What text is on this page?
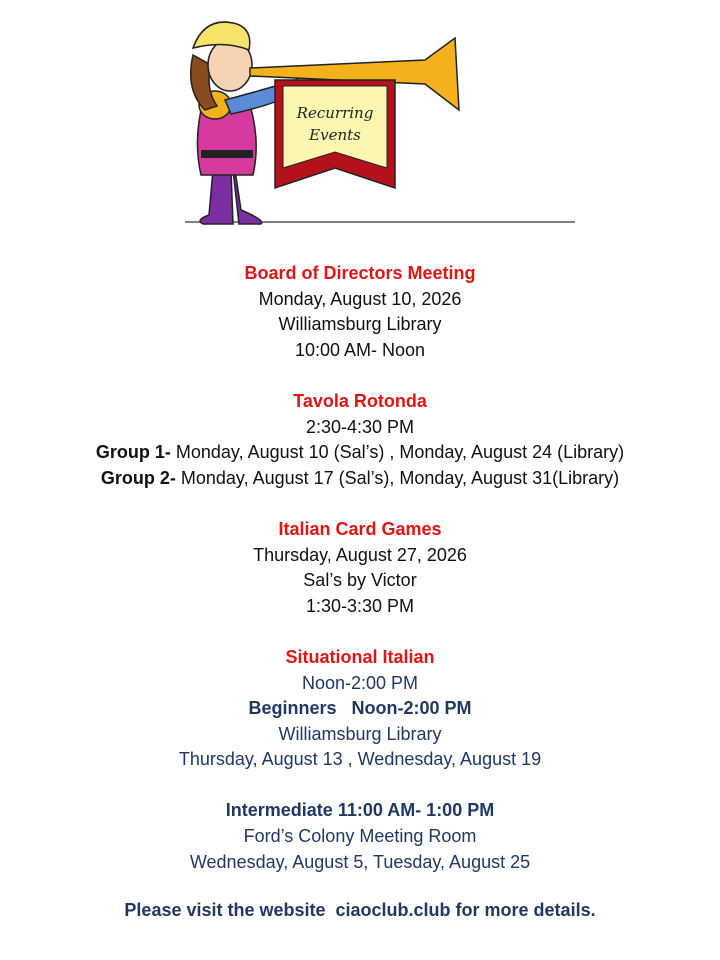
Recurring
Events
Board of Directors Meeting
Monday, August 10, 2026
Williamsburg Library
10:00 AM- Noon
Tavola Rotonda
2:30-4:30 PM
Group 1- Monday, August 10 (Sal’s) , Monday, August 24 (Library)
Group 2- Monday, August 17 (Sal’s), Monday, August 31(Library)
Italian Card Games
Thursday, August 27, 2026
Sal’s by Victor
1:30-3:30 PM
Situational Italian
Noon-2:00 PM
Beginners   Noon-2:00 PM
Williamsburg Library
Thursday, August 13 , Wednesday, August 19
Intermediate 11:00 AM- 1:00 PM
Ford’s Colony Meeting Room
Wednesday, August 5, Tuesday, August 25
Please visit the website  ciaoclub.club for more details.
